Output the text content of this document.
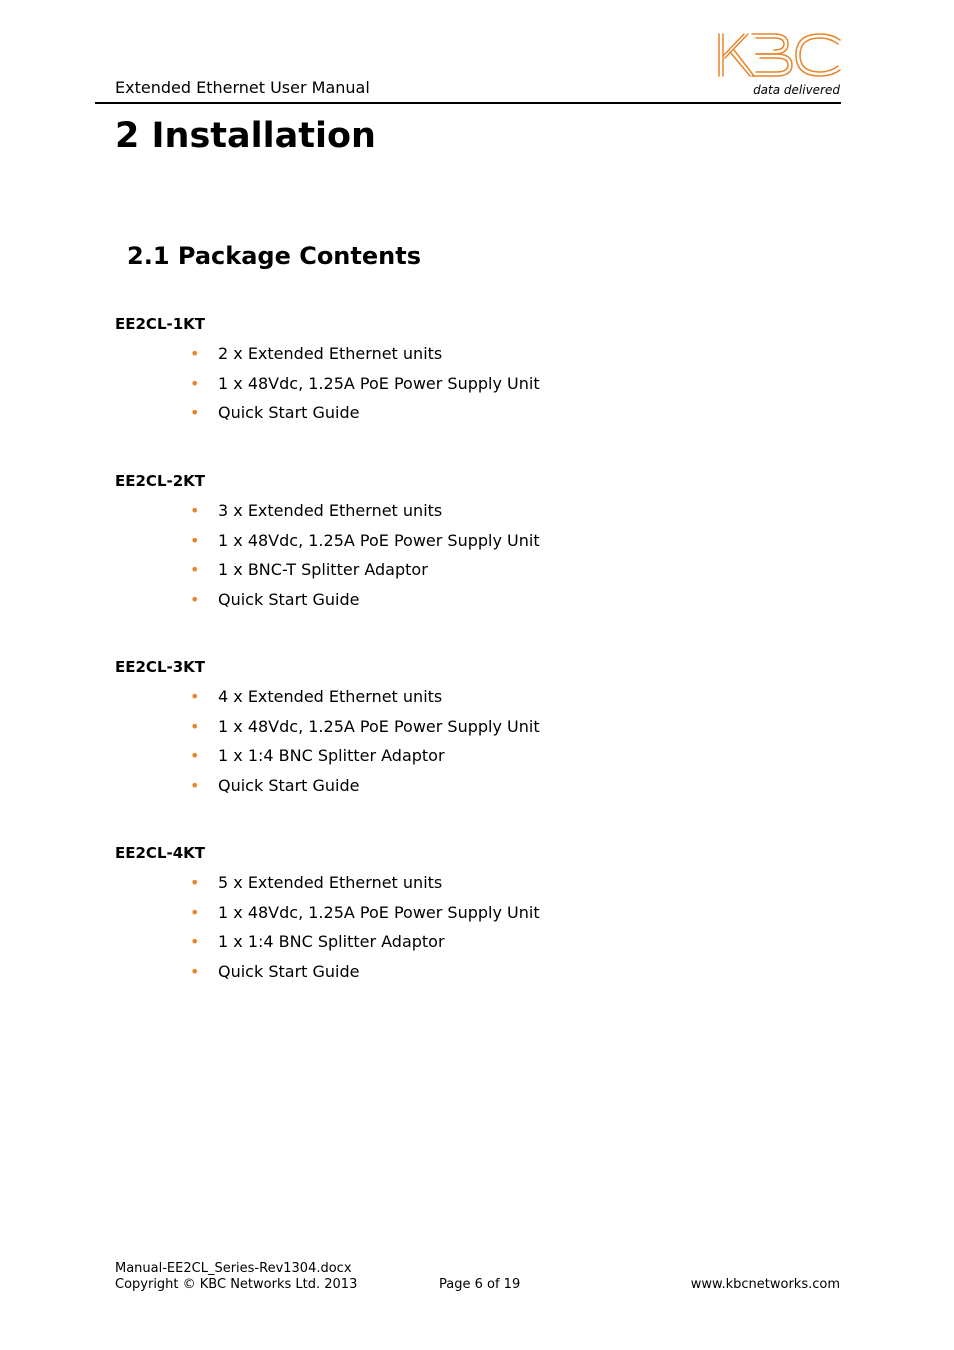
Extended Ethernet User Manual	data delivered
2 Installation
2.1 Package Contents
EE2CL-1KT
• 2 x Extended Ethernet units
• 1 x 48Vdc, 1.25A PoE Power Supply Unit
• Quick Start Guide
EE2CL-2KT
• 3 x Extended Ethernet units
• 1 x 48Vdc, 1.25A PoE Power Supply Unit
• 1 x BNC-T Splitter Adaptor
• Quick Start Guide
EE2CL-3KT
• 4 x Extended Ethernet units
• 1 x 48Vdc, 1.25A PoE Power Supply Unit
• 1 x 1:4 BNC Splitter Adaptor
• Quick Start Guide
EE2CL-4KT
• 5 x Extended Ethernet units
• 1 x 48Vdc, 1.25A PoE Power Supply Unit
• 1 x 1:4 BNC Splitter Adaptor
• Quick Start Guide
Manual-EE2CL_Series-Rev1304.docx
Copyright © KBC Networks Ltd. 2013	Page 6 of 19	www.kbcnetworks.com
